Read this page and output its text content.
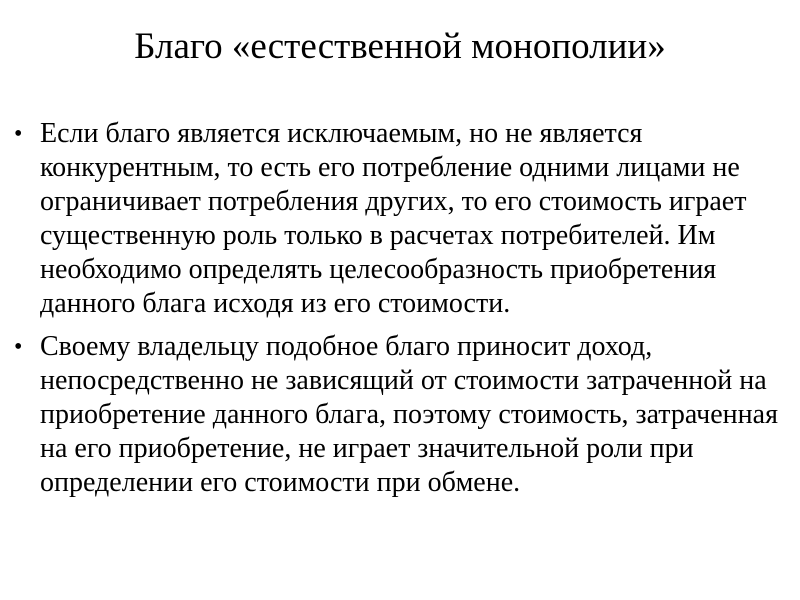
Благо «естественной монополии»
• Если благо является исключаемым, но не является конкурентным, то есть его потребление одними лицами не ограничивает потребления других, то его стоимость играет существенную роль только в расчетах потребителей. Им необходимо определять целесообразность приобретения данного блага исходя из его стоимости.
• Своему владельцу подобное благо приносит доход, непосредственно не зависящий от стоимости затраченной на приобретение данного блага, поэтому стоимость, затраченная на его приобретение, не играет значительной роли при определении его стоимости при обмене.
